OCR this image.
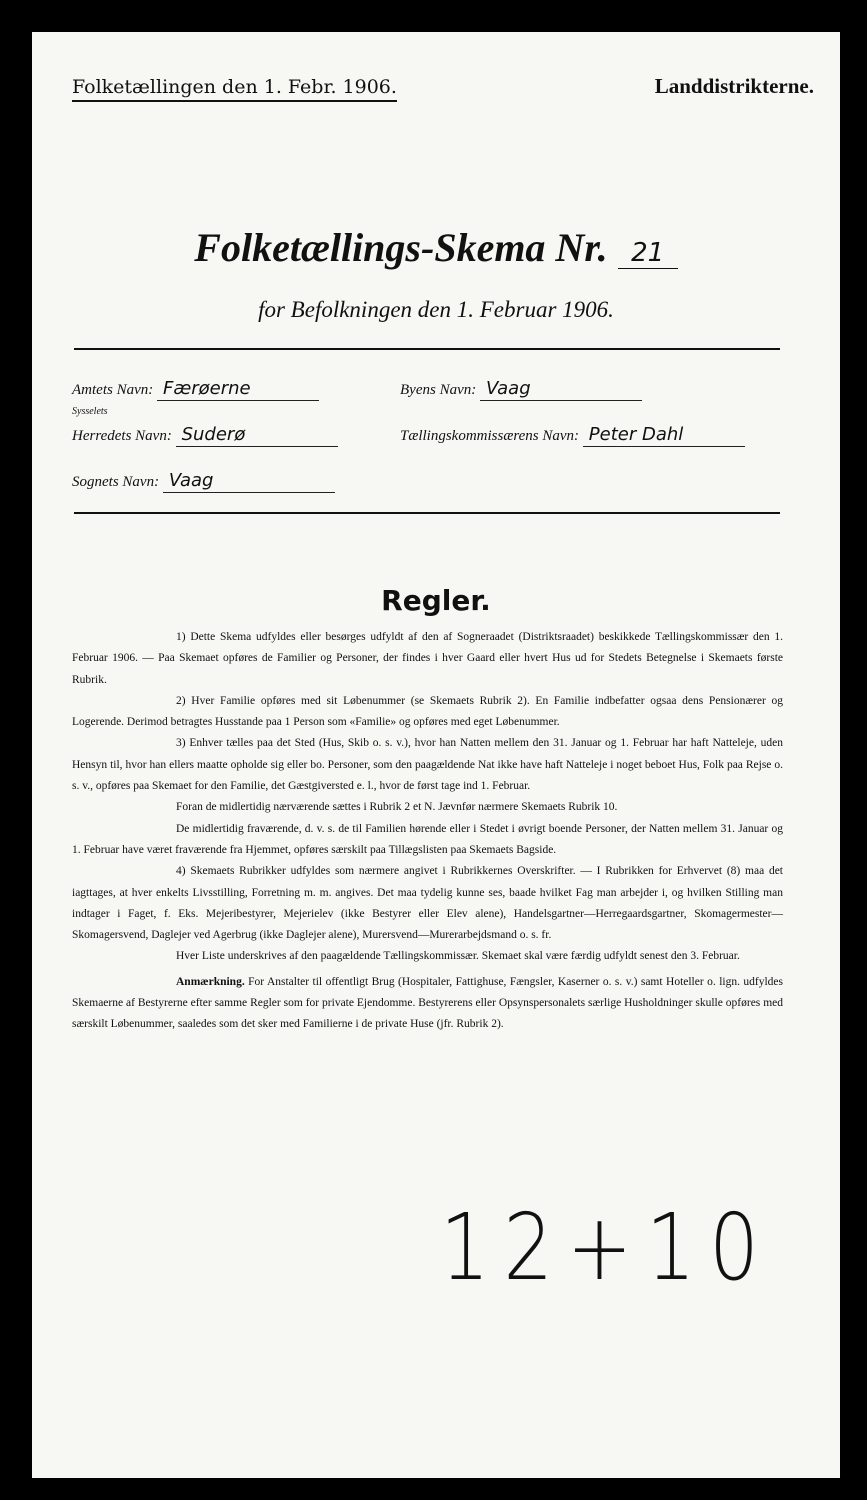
Folketællingen den 1. Febr. 1906.	Landdistrikterne.
Folketællings-Skema Nr. 21
for Befolkningen den 1. Februar 1906.
Amtets Navn: Færøerne	Byens Navn: Vaag
Sysselets
Herredets Navn: Suderø	Tællingskommissærens Navn: Peter Dahl
Sognets Navn: Vaag
Regler.

1) Dette Skema udfyldes eller besørges udfyldt af den af Sogneraadet (Distriktsraadet) beskikkede Tællingskommissær den 1. Februar 1906. — Paa Skemaet opføres de Familier og Personer, der findes i hver Gaard eller hvert Hus ud for Stedets Betegnelse i Skemaets første Rubrik.

2) Hver Familie opføres med sit Løbenummer (se Skemaets Rubrik 2). En Familie indbefatter ogsaa dens Pensionærer og Logerende. Derimod betragtes Husstande paa 1 Person som «Familie» og opføres med eget Løbenummer.

3) Enhver tælles paa det Sted (Hus, Skib o. s. v.), hvor han Natten mellem den 31. Januar og 1. Februar har haft Natteleje, uden Hensyn til, hvor han ellers maatte opholde sig eller bo. Personer, som den paagældende Nat ikke have haft Natteleje i noget beboet Hus, Folk paa Rejse o. s. v., opføres paa Skemaet for den Familie, det Gæstgiversted e. l., hvor de først tage ind 1. Februar.

Foran de midlertidig nærværende sættes i Rubrik 2 et N. Jævnfør nærmere Skemaets Rubrik 10.

De midlertidig fraværende, d. v. s. de til Familien hørende eller i Stedet i øvrigt boende Personer, der Natten mellem 31. Januar og 1. Februar have været fraværende fra Hjemmet, opføres særskilt paa Tillægslisten paa Skemaets Bagside.

4) Skemaets Rubrikker udfyldes som nærmere angivet i Rubrikkernes Overskrifter. — I Rubrikken for Erhvervet (8) maa det iagttages, at hver enkelts Livsstilling, Forretning m. m. angives. Det maa tydelig kunne ses, baade hvilket Fag man arbejder i, og hvilken Stilling man indtager i Faget, f. Eks. Mejeribestyrer, Mejerielev (ikke Bestyrer eller Elev alene), Handelsgartner—Herregaardsgartner, Skomagermester—Skomagersvend, Daglejer ved Agerbrug (ikke Daglejer alene), Murersvend—Murerarbejdsmand o. s. fr.

Hver Liste underskrives af den paagældende Tællingskommissær. Skemaet skal være færdig udfyldt senest den 3. Februar.

Anmærkning. For Anstalter til offentligt Brug (Hospitaler, Fattighuse, Fængsler, Kaserner o. s. v.) samt Hoteller o. lign. udfyldes Skemaerne af Bestyrerne efter samme Regler som for private Ejendomme. Bestyrerens eller Opsynspersonalets særlige Husholdninger skulle opføres med særskilt Løbenummer, saaledes som det sker med Familierne i de private Huse (jfr. Rubrik 2).

12+10
